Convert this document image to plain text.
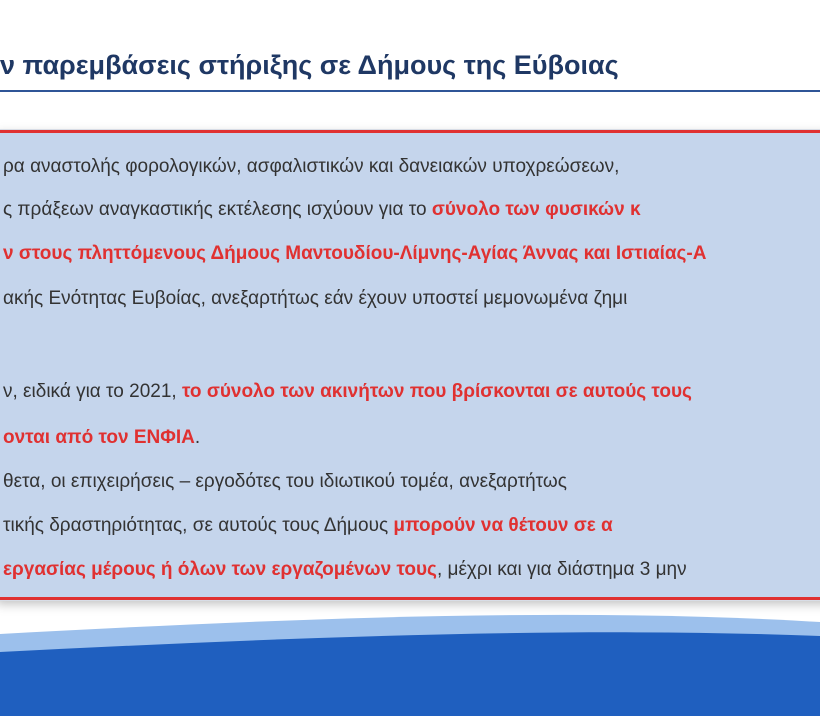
ν παρεμβάσεις στήριξης σε Δήμους της Εύβοιας
ρα αναστολής φορολογικών, ασφαλιστικών και δανειακών υποχρεώσεων,
ς πράξεων αναγκαστικής εκτέλεσης ισχύουν για το σύνολο των φυσικών κ
ν στους πληττόμενους Δήμους Μαντουδίου-Λίμνης-Αγίας Άννας και Ιστιαίας-Α
ακής Ενότητας Ευβοίας, ανεξαρτήτως εάν έχουν υποστεί μεμονωμένα ζημι
ν, ειδικά για το 2021, το σύνολο των ακινήτων που βρίσκονται σε αυτούς τους
ονται από τον ΕΝΦΙΑ.
θετα, οι επιχειρήσεις – εργοδότες του ιδιωτικού τομέα, ανεξαρτήτως
τικής δραστηριότητας, σε αυτούς τους Δήμους μπορούν να θέτουν σε α
εργασίας μέρους ή όλων των εργαζομένων τους, μέχρι και για διάστημα 3 μην
